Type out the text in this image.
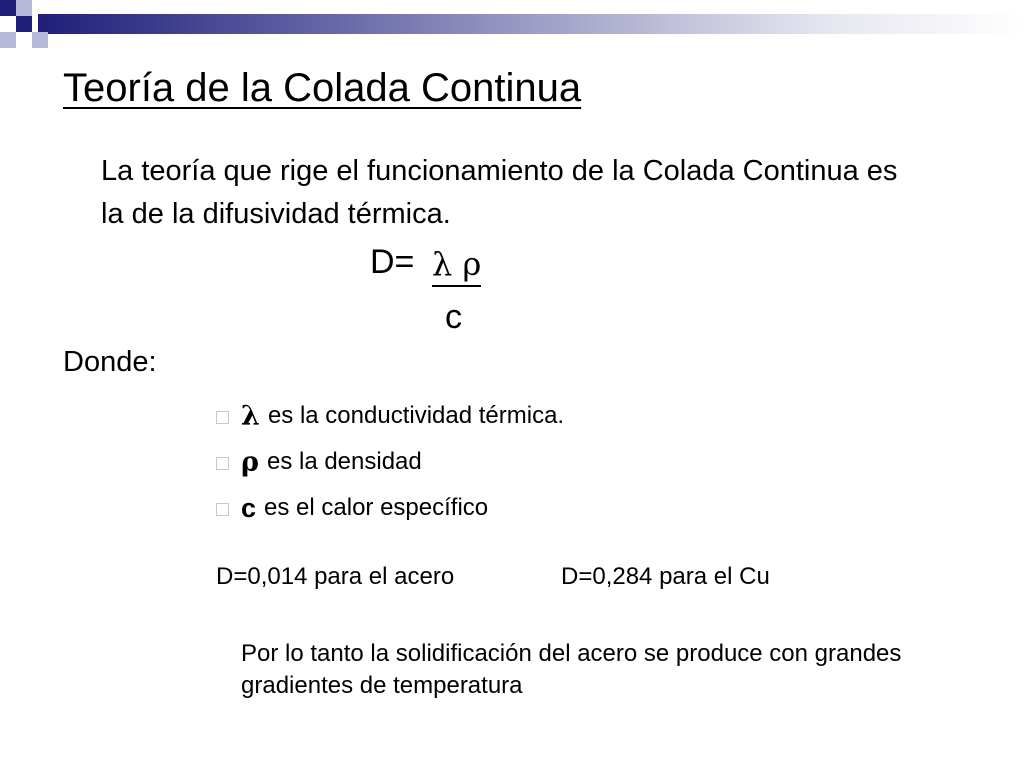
Teoría de la Colada Continua

La teoría que rige el funcionamiento de la Colada Continua es la de la difusividad térmica.

D= λ ρ
c

Donde:

λ es la conductividad térmica.
ρ es la densidad
c es el calor específico
D=0,014 para el acero	D=0,284 para el Cu

Por lo tanto la solidificación del acero se produce con grandes gradientes de temperatura
